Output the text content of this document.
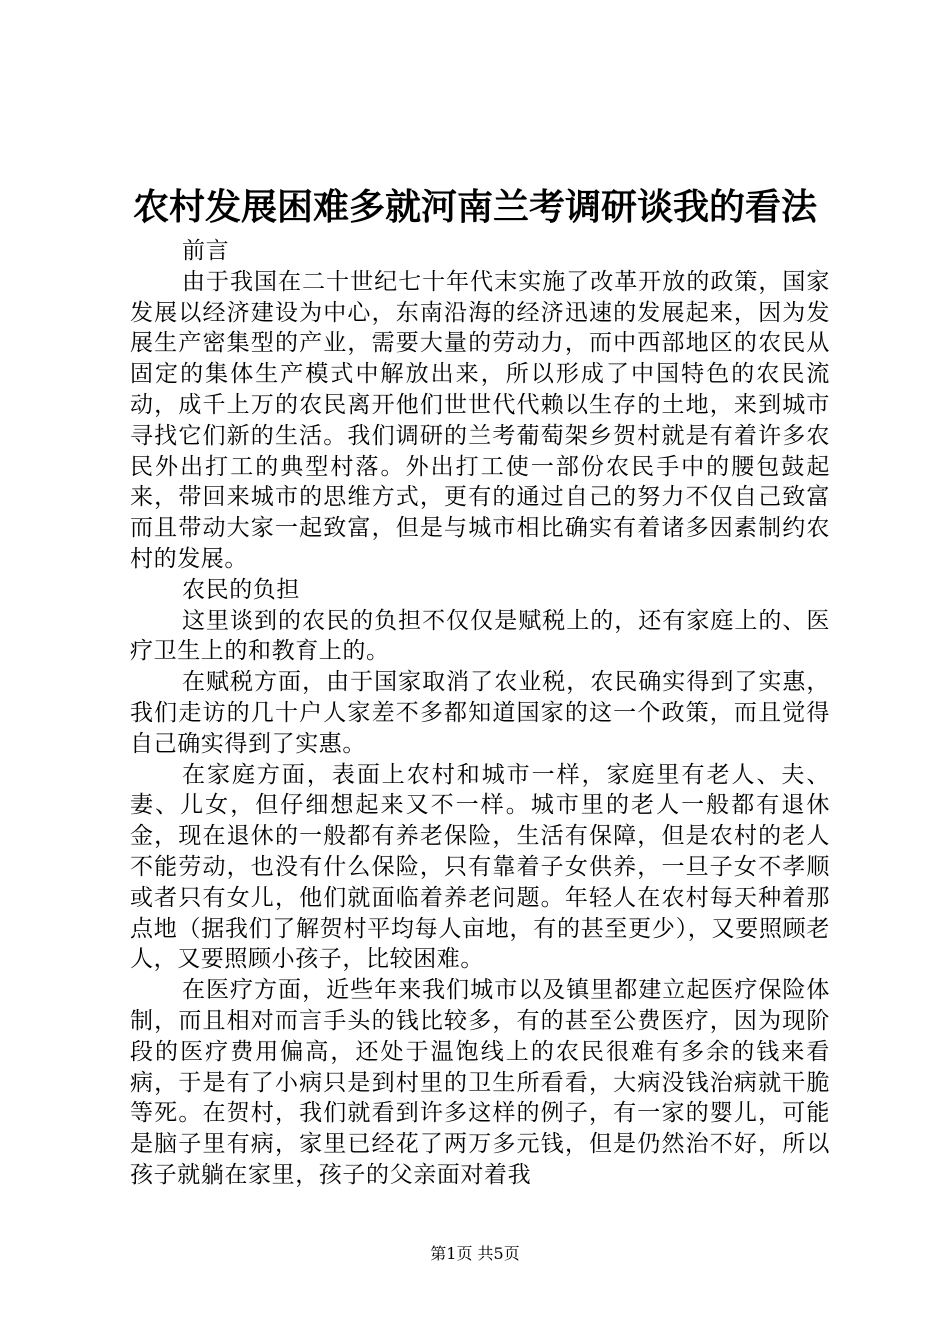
农村发展困难多就河南兰考调研谈我的看法

前言

由于我国在二十世纪七十年代末实施了改革开放的政策，国家发展以经济建设为中心，东南沿海的经济迅速的发展起来，因为发展生产密集型的产业，需要大量的劳动力，而中西部地区的农民从固定的集体生产模式中解放出来，所以形成了中国特色的农民流动，成千上万的农民离开他们世世代代赖以生存的土地，来到城市寻找它们新的生活。我们调研的兰考葡萄架乡贺村就是有着许多农民外出打工的典型村落。外出打工使一部份农民手中的腰包鼓起来，带回来城市的思维方式，更有的通过自己的努力不仅自己致富而且带动大家一起致富，但是与城市相比确实有着诸多因素制约农村的发展。

农民的负担

这里谈到的农民的负担不仅仅是赋税上的，还有家庭上的、医疗卫生上的和教育上的。

在赋税方面，由于国家取消了农业税，农民确实得到了实惠，我们走访的几十户人家差不多都知道国家的这一个政策，而且觉得自己确实得到了实惠。

在家庭方面，表面上农村和城市一样，家庭里有老人、夫、妻、儿女，但仔细想起来又不一样。城市里的老人一般都有退休金，现在退休的一般都有养老保险，生活有保障，但是农村的老人不能劳动，也没有什么保险，只有靠着子女供养，一旦子女不孝顺或者只有女儿，他们就面临着养老问题。年轻人在农村每天种着那点地（据我们了解贺村平均每人亩地，有的甚至更少），又要照顾老人，又要照顾小孩子，比较困难。

在医疗方面，近些年来我们城市以及镇里都建立起医疗保险体制，而且相对而言手头的钱比较多，有的甚至公费医疗，因为现阶段的医疗费用偏高，还处于温饱线上的农民很难有多余的钱来看病，于是有了小病只是到村里的卫生所看看，大病没钱治病就干脆等死。在贺村，我们就看到许多这样的例子，有一家的婴儿，可能是脑子里有病，家里已经花了两万多元钱，但是仍然治不好，所以孩子就躺在家里，孩子的父亲面对着我

第1页 共5页
